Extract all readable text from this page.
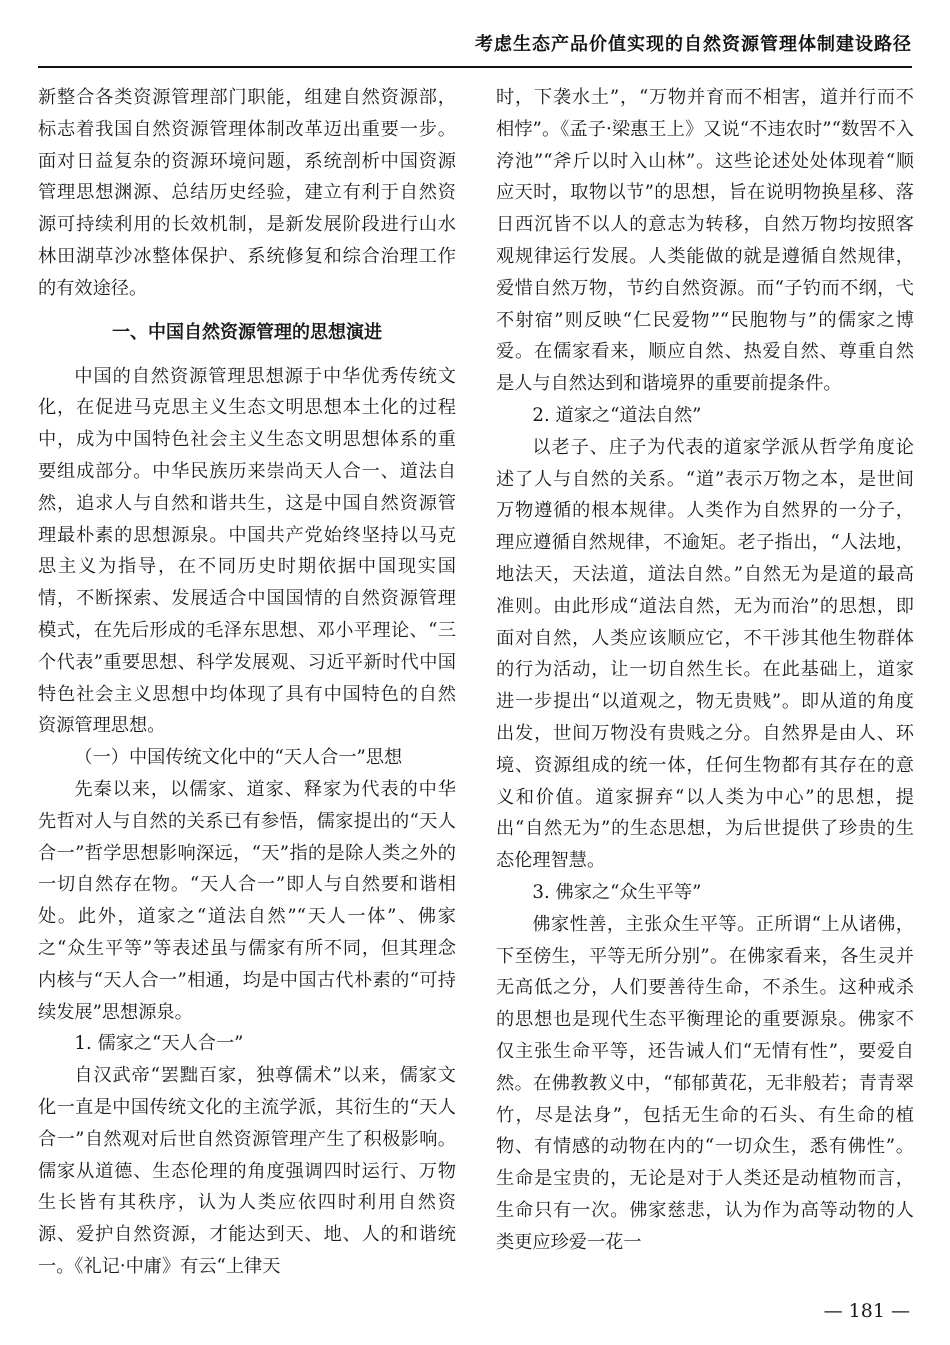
考虑生态产品价值实现的自然资源管理体制建设路径

新整合各类资源管理部门职能，组建自然资源部，标志着我国自然资源管理体制改革迈出重要一步。面对日益复杂的资源环境问题，系统剖析中国资源管理思想渊源、总结历史经验，建立有利于自然资源可持续利用的长效机制，是新发展阶段进行山水林田湖草沙冰整体保护、系统修复和综合治理工作的有效途径。

一、中国自然资源管理的思想演进

中国的自然资源管理思想源于中华优秀传统文化，在促进马克思主义生态文明思想本土化的过程中，成为中国特色社会主义生态文明思想体系的重要组成部分。中华民族历来崇尚天人合一、道法自然，追求人与自然和谐共生，这是中国自然资源管理最朴素的思想源泉。中国共产党始终坚持以马克思主义为指导，在不同历史时期依据中国现实国情，不断探索、发展适合中国国情的自然资源管理模式，在先后形成的毛泽东思想、邓小平理论、“三个代表”重要思想、科学发展观、习近平新时代中国特色社会主义思想中均体现了具有中国特色的自然资源管理思想。

（一）中国传统文化中的“天人合一”思想

先秦以来，以儒家、道家、释家为代表的中华先哲对人与自然的关系已有参悟，儒家提出的“天人合一”哲学思想影响深远，“天”指的是除人类之外的一切自然存在物。“天人合一”即人与自然要和谐相处。此外，道家之“道法自然”“天人一体”、佛家之“众生平等”等表述虽与儒家有所不同，但其理念内核与“天人合一”相通，均是中国古代朴素的“可持续发展”思想源泉。

1. 儒家之“天人合一”

自汉武帝“罢黜百家，独尊儒术”以来，儒家文化一直是中国传统文化的主流学派，其衍生的“天人合一”自然观对后世自然资源管理产生了积极影响。儒家从道德、生态伦理的角度强调四时运行、万物生长皆有其秩序，认为人类应依四时利用自然资源、爱护自然资源，才能达到天、地、人的和谐统一。《礼记·中庸》有云“上律天

时，下袭水土”，“万物并育而不相害，道并行而不相悖”。《孟子·梁惠王上》又说“不违农时”“数罟不入洿池”“斧斤以时入山林”。这些论述处处体现着“顺应天时，取物以节”的思想，旨在说明物换星移、落日西沉皆不以人的意志为转移，自然万物均按照客观规律运行发展。人类能做的就是遵循自然规律，爱惜自然万物，节约自然资源。而“子钓而不纲，弋不射宿”则反映“仁民爱物”“民胞物与”的儒家之博爱。在儒家看来，顺应自然、热爱自然、尊重自然是人与自然达到和谐境界的重要前提条件。

2. 道家之“道法自然”

以老子、庄子为代表的道家学派从哲学角度论述了人与自然的关系。“道”表示万物之本，是世间万物遵循的根本规律。人类作为自然界的一分子，理应遵循自然规律，不逾矩。老子指出，“人法地，地法天，天法道，道法自然。”自然无为是道的最高准则。由此形成“道法自然，无为而治”的思想，即面对自然，人类应该顺应它，不干涉其他生物群体的行为活动，让一切自然生长。在此基础上，道家进一步提出“以道观之，物无贵贱”。即从道的角度出发，世间万物没有贵贱之分。自然界是由人、环境、资源组成的统一体，任何生物都有其存在的意义和价值。道家摒弃“以人类为中心”的思想，提出“自然无为”的生态思想，为后世提供了珍贵的生态伦理智慧。

3. 佛家之“众生平等”

佛家性善，主张众生平等。正所谓“上从诸佛，下至傍生，平等无所分别”。在佛家看来，各生灵并无高低之分，人们要善待生命，不杀生。这种戒杀的思想也是现代生态平衡理论的重要源泉。佛家不仅主张生命平等，还告诫人们“无情有性”，要爱自然。在佛教教义中，“郁郁黄花，无非般若；青青翠竹，尽是法身”，包括无生命的石头、有生命的植物、有情感的动物在内的“一切众生，悉有佛性”。生命是宝贵的，无论是对于人类还是动植物而言，生命只有一次。佛家慈悲，认为作为高等动物的人类更应珍爱一花一

— 181 —
